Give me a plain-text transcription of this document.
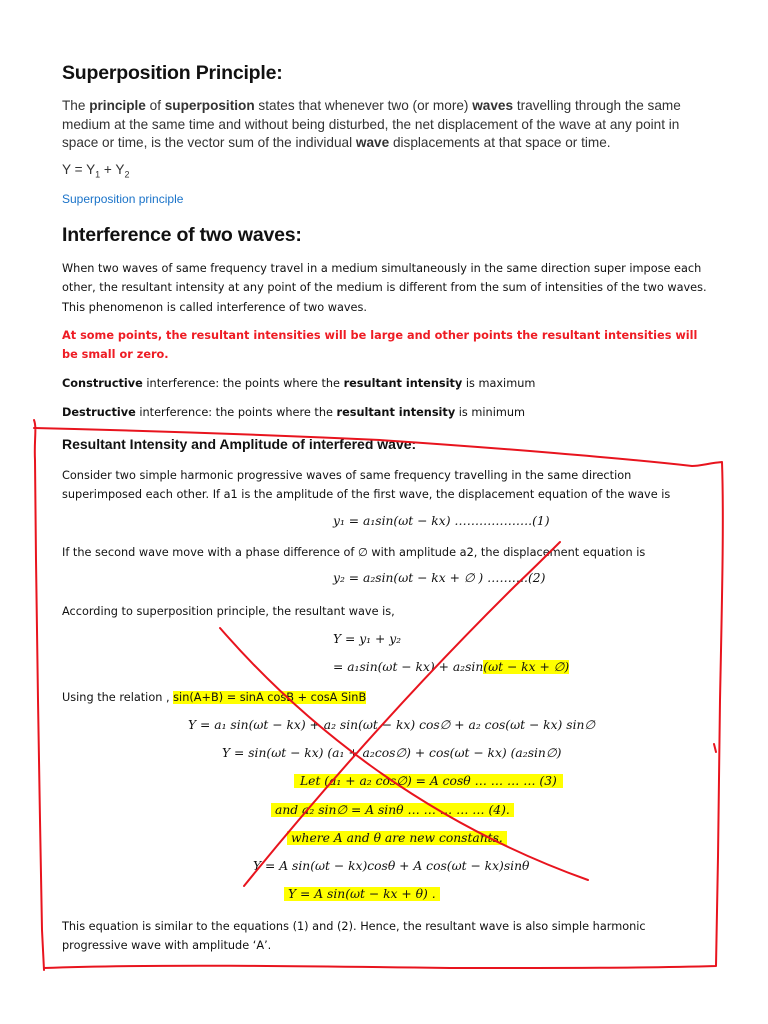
Superposition Principle:
The principle of superposition states that whenever two (or more) waves travelling through the same medium at the same time and without being disturbed, the net displacement of the wave at any point in space or time, is the vector sum of the individual wave displacements at that space or time.
$Y = Y_1 + Y_2$
Superposition principle
Interference of two waves:
When two waves of same frequency travel in a medium simultaneously in the same direction super impose each other, the resultant intensity at any point of the medium is different from the sum of intensities of the two waves. This phenomenon is called interference of two waves.
At some points, the resultant intensities will be large and other points the resultant intensities will be small or zero.
Constructive interference: the points where the resultant intensity is maximum
Destructive interference: the points where the resultant intensity is minimum
Resultant Intensity and Amplitude of interfered wave:
Consider two simple harmonic progressive waves of same frequency travelling in the same direction superimposed each other. If a1 is the amplitude of the first wave, the displacement equation of the wave is
y₁ = a₁sin(ωt − kx) ……………….(1)
If the second wave move with a phase difference of ∅ with amplitude a2, the displacement equation is
y₂ = a₂sin(ωt − kx + ∅ ) ……….(2)
According to superposition principle, the resultant wave is,
Y = y₁ + y₂
= a₁sin(ωt − kx) + a₂sin(ωt − kx + ∅)
Using the relation , sin(A+B) = sinA cosB + cosA SinB
Y = a₁ sin(ωt − kx) + a₂ sin(ωt − kx) cos∅ + a₂ cos(ωt − kx) sin∅
Y = sin(ωt − kx) (a₁ + a₂cos∅) + cos(ωt − kx) (a₂sin∅)
Let (a₁ + a₂ cos∅) = A cosθ … … … … (3)
and a₂ sin∅ = A sinθ … … … … … (4).
where A and θ are new constants.
Y = A sin(ωt − kx)cosθ + A cos(ωt − kx)sinθ
Y = A sin(ωt − kx + θ) .
This equation is similar to the equations (1) and (2). Hence, the resultant wave is also simple harmonic progressive wave with amplitude ‘A’.
